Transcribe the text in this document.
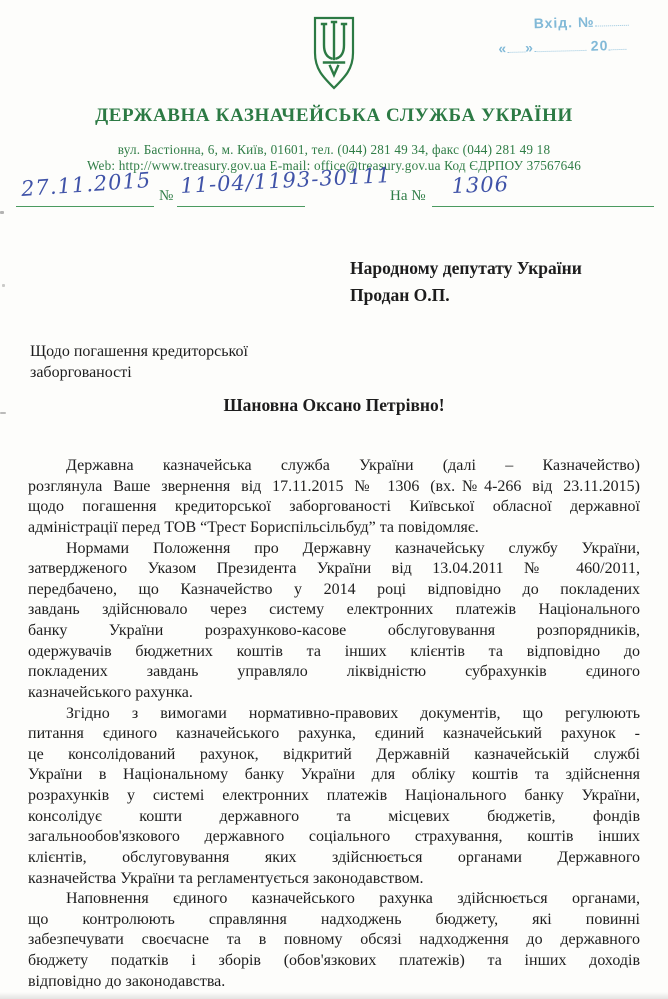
Вхід. №
« »	20
ДЕРЖАВНА КАЗНАЧЕЙСЬКА СЛУЖБА УКРАЇНИ
вул. Бастіонна, 6, м. Київ, 01601, тел. (044) 281 49 34, факс (044) 281 49 18
Web: http://www.treasury.gov.ua E-mail: office@treasury.gov.ua Код ЄДРПОУ 37567646
27.11.2015 № 11-04/1193-30111
На № 1306
Народному депутату України
Продан О.П.
Щодо погашення кредиторської
заборгованості
Шановна Оксано Петрівно!
Державна казначейська служба України (далі – Казначейство)
розглянула Ваше звернення від 17.11.2015 № 1306 (вх.№4-266 від 23.11.2015)
щодо погашення кредиторської заборгованості Київської обласної державної
адміністрації перед ТОВ “Трест Бориспільсільбуд” та повідомляє.
Нормами Положення про Державну казначейську службу України,
затвердженого Указом Президента України від 13.04.2011 № 460/2011,
передбачено, що Казначейство у 2014 році відповідно до покладених
завдань здійснювало через систему електронних платежів Національного
банку України розрахунково-касове обслуговування розпорядників,
одержувачів бюджетних коштів та інших клієнтів та відповідно до
покладених завдань управляло ліквідністю субрахунків єдиного
казначейського рахунка.
Згідно з вимогами нормативно-правових документів, що регулюють
питання єдиного казначейського рахунка, єдиний казначейський рахунок -
це консолідований рахунок, відкритий Державній казначейській службі
України в Національному банку України для обліку коштів та здійснення
розрахунків у системі електронних платежів Національного банку України,
консолідує кошти державного та місцевих бюджетів, фондів
загальнообов'язкового державного соціального страхування, коштів інших
клієнтів, обслуговування яких здійснюється органами Державного
казначейства України та регламентується законодавством.
Наповнення єдиного казначейського рахунка здійснюється органами,
що контролюють справляння надходжень бюджету, які повинні
забезпечувати своєчасне та в повному обсязі надходження до державного
бюджету податків і зборів (обов'язкових платежів) та інших доходів
відповідно до законодавства.
